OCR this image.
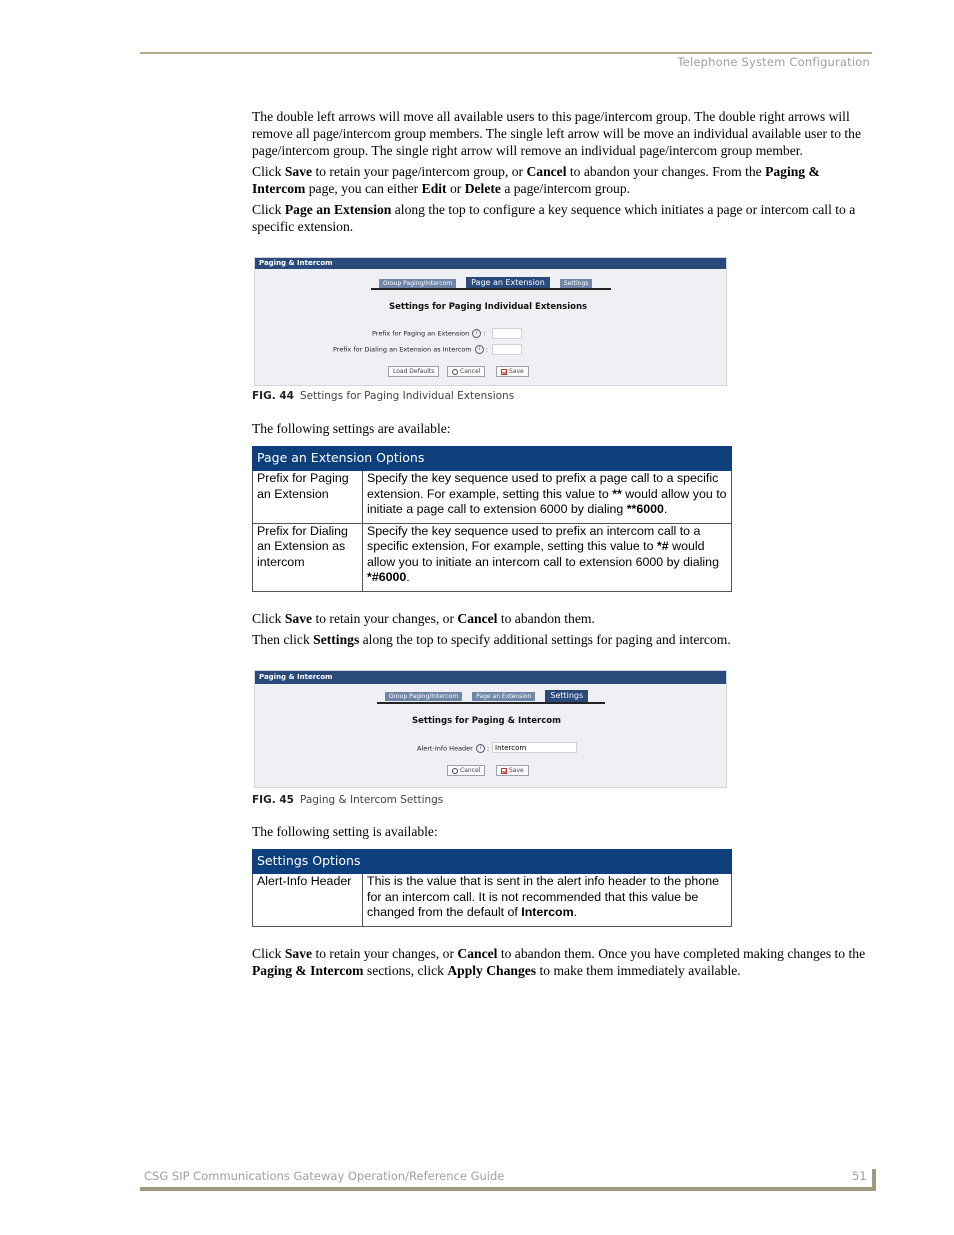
Telephone System Configuration

The double left arrows will move all available users to this page/intercom group. The double right arrows will remove all page/intercom group members. The single left arrow will be move an individual available user to the page/intercom group. The single right arrow will remove an individual page/intercom group member.

Click Save to retain your page/intercom group, or Cancel to abandon your changes. From the Paging & Intercom page, you can either Edit or Delete a page/intercom group.

Click Page an Extension along the top to configure a key sequence which initiates a page or intercom call to a specific extension.

Paging & Intercom
Group Paging/Intercom	Page an Extension	Settings
Settings for Paging Individual Extensions
Prefix for Paging an Extension i :
Prefix for Dialing an Extension as Intercom i :
Load Defaults	Cancel	Save
FIG. 44 Settings for Paging Individual Extensions
The following settings are available:
Page an Extension Options	
Prefix for Paging an Extension	Specify the key sequence used to prefix a page call to a specific extension. For example, setting this value to ** would allow you to initiate a page call to extension 6000 by dialing **6000.
Prefix for Dialing an Extension as intercom	Specify the key sequence used to prefix an intercom call to a specific extension, For example, setting this value to *# would allow you to initiate an intercom call to extension 6000 by dialing *#6000.

Click Save to retain your changes, or Cancel to abandon them.

Then click Settings along the top to specify additional settings for paging and intercom.

Paging & Intercom
Group Paging/Intercom	Page an Extension	Settings
Settings for Paging & Intercom
Alert-Info Header i : Intercom
Cancel	Save
FIG. 45 Paging & Intercom Settings
The following setting is available:
Settings Options
Alert-Info Header	This is the value that is sent in the alert info header to the phone for an intercom call. It is not recommended that this value be changed from the default of Intercom.

Click Save to retain your changes, or Cancel to abandon them. Once you have completed making changes to the Paging & Intercom sections, click Apply Changes to make them immediately available.

CSG SIP Communications Gateway Operation/Reference Guide	51
